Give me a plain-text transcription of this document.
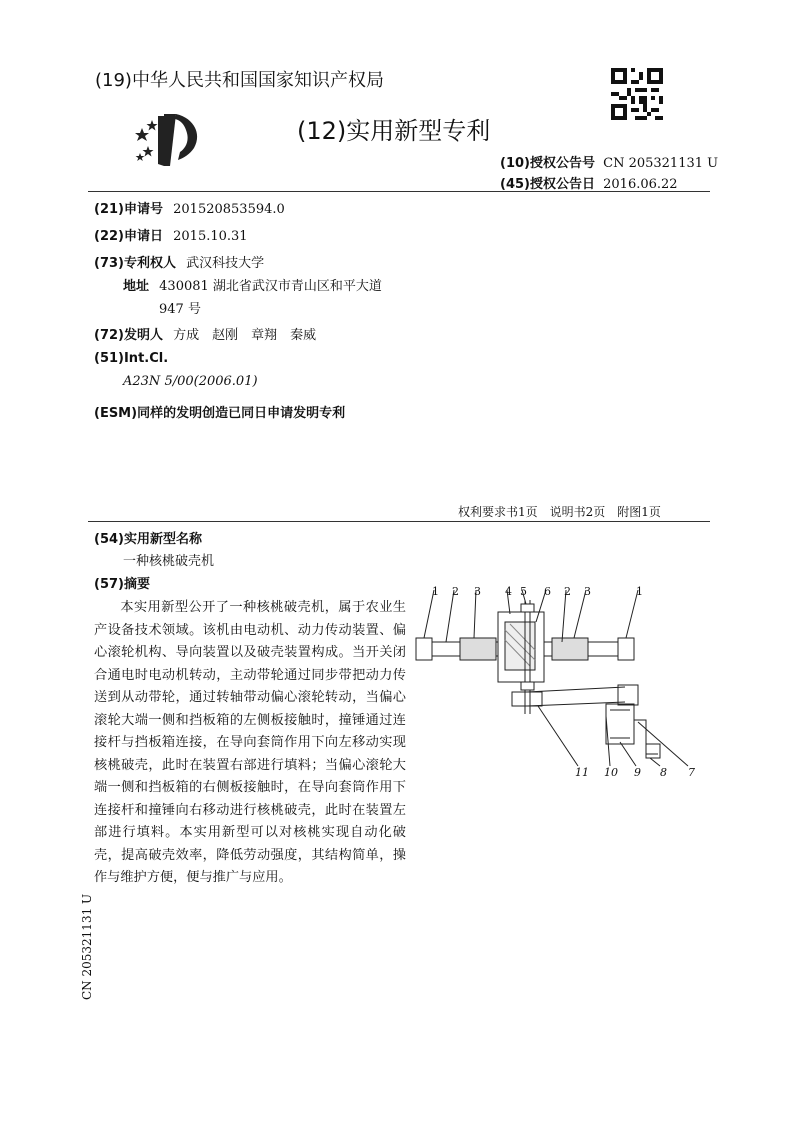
(19)中华人民共和国国家知识产权局
(12)实用新型专利
(10)授权公告号 CN 205321131 U
(45)授权公告日 2016.06.22
(21)申请号 201520853594.0
(22)申请日 2015.10.31
(73)专利权人 武汉科技大学
地址 430081 湖北省武汉市青山区和平大道
947 号
(72)发明人 方成　赵刚　章翔　秦威
(51)Int.Cl.
A23N 5/00(2006.01)
(ESM)同样的发明创造已同日申请发明专利
权利要求书1页　说明书2页　附图1页
(54)实用新型名称
一种核桃破壳机
(57)摘要
本实用新型公开了一种核桃破壳机，属于农业生产设备技术领域。该机由电动机、动力传动装置、偏心滚轮机构、导向装置以及破壳装置构成。当开关闭合通电时电动机转动，主动带轮通过同步带把动力传送到从动带轮，通过转轴带动偏心滚轮转动，当偏心滚轮大端一侧和挡板箱的左侧板接触时，撞锤通过连接杆与挡板箱连接，在导向套筒作用下向左移动实现核桃破壳，此时在装置右部进行填料；当偏心滚轮大端一侧和挡板箱的右侧板接触时，在导向套筒作用下连接杆和撞锤向右移动进行核桃破壳，此时在装置左部进行填料。本实用新型可以对核桃实现自动化破壳，提高破壳效率，降低劳动强度，其结构简单，操作与维护方便，便与推广与应用。
CN 205321131 U
1 2 3 4 5 6 2 3	1
11 10 9 8 7
